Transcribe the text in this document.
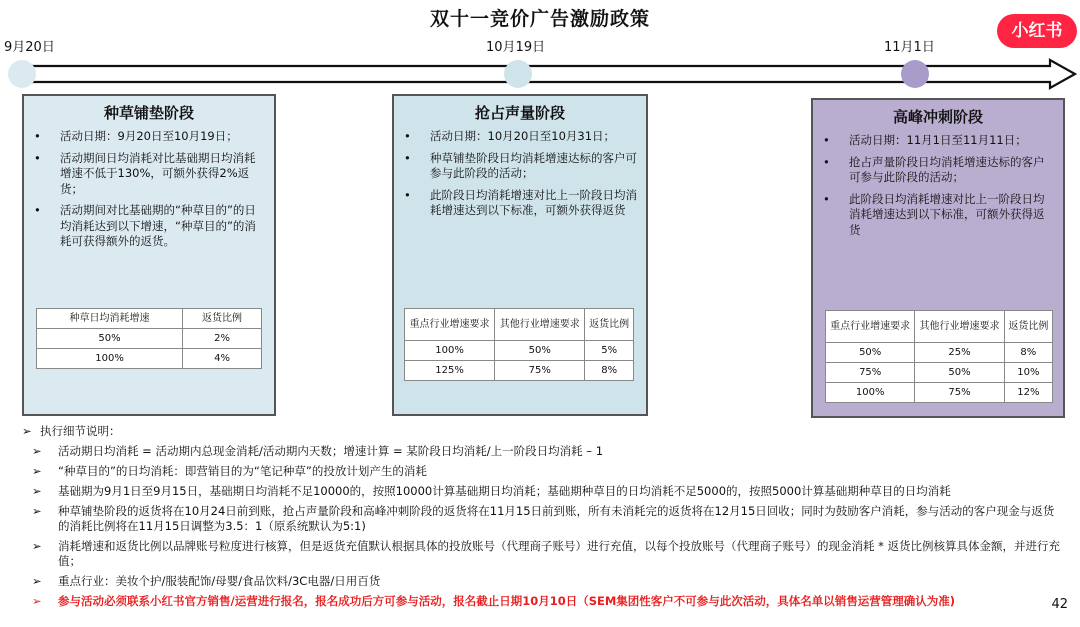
双十一竞价广告激励政策
小红书
9月20日	10月19日	11月1日
种草铺垫阶段
• 活动日期：9月20日至10月19日；
• 活动期间日均消耗对比基础期日均消耗增速不低于130%，可额外获得2%返货；
• 活动期间对比基础期的“种草目的”的日均消耗达到以下增速，“种草目的”的消耗可获得额外的返货。
种草日均消耗增速	返货比例
50%	2%
100%	4%
抢占声量阶段
• 活动日期：10月20日至10月31日；
• 种草铺垫阶段日均消耗增速达标的客户可参与此阶段的活动；
• 此阶段日均消耗增速对比上一阶段日均消耗增速达到以下标准，可额外获得返货
重点行业增速要求	其他行业增速要求	返货比例
100%	50%	5%
125%	75%	8%
高峰冲刺阶段
• 活动日期：11月1日至11月11日；
• 抢占声量阶段日均消耗增速达标的客户可参与此阶段的活动；
• 此阶段日均消耗增速对比上一阶段日均消耗增速达到以下标准，可额外获得返货
重点行业增速要求	其他行业增速要求	返货比例
50%	25%	8%
75%	50%	10%
100%	75%	12%
➢ 执行细节说明：
➢ 活动期日均消耗 = 活动期内总现金消耗/活动期内天数；增速计算 = 某阶段日均消耗/上一阶段日均消耗 – 1
➢ “种草目的”的日均消耗：即营销目的为“笔记种草”的投放计划产生的消耗
➢ 基础期为9月1日至9月15日，基础期日均消耗不足10000的，按照10000计算基础期日均消耗；基础期种草目的日均消耗不足5000的，按照5000计算基础期种草目的日均消耗
➢ 种草铺垫阶段的返货将在10月24日前到账，抢占声量阶段和高峰冲刺阶段的返货将在11月15日前到账，所有未消耗完的返货将在12月15日回收；同时为鼓励客户消耗，参与活动的客户现金与返货的消耗比例将在11月15日调整为3.5：1（原系统默认为5:1)
➢ 消耗增速和返货比例以品牌账号粒度进行核算，但是返货充值默认根据具体的投放账号（代理商子账号）进行充值，以每个投放账号（代理商子账号）的现金消耗 * 返货比例核算具体金额，并进行充值；
➢ 重点行业：美妆个护/服装配饰/母婴/食品饮料/3C电器/日用百货
➢ 参与活动必须联系小红书官方销售/运营进行报名，报名成功后方可参与活动，报名截止日期10月10日（SEM集团性客户不可参与此次活动，具体名单以销售运营管理确认为准)	42
